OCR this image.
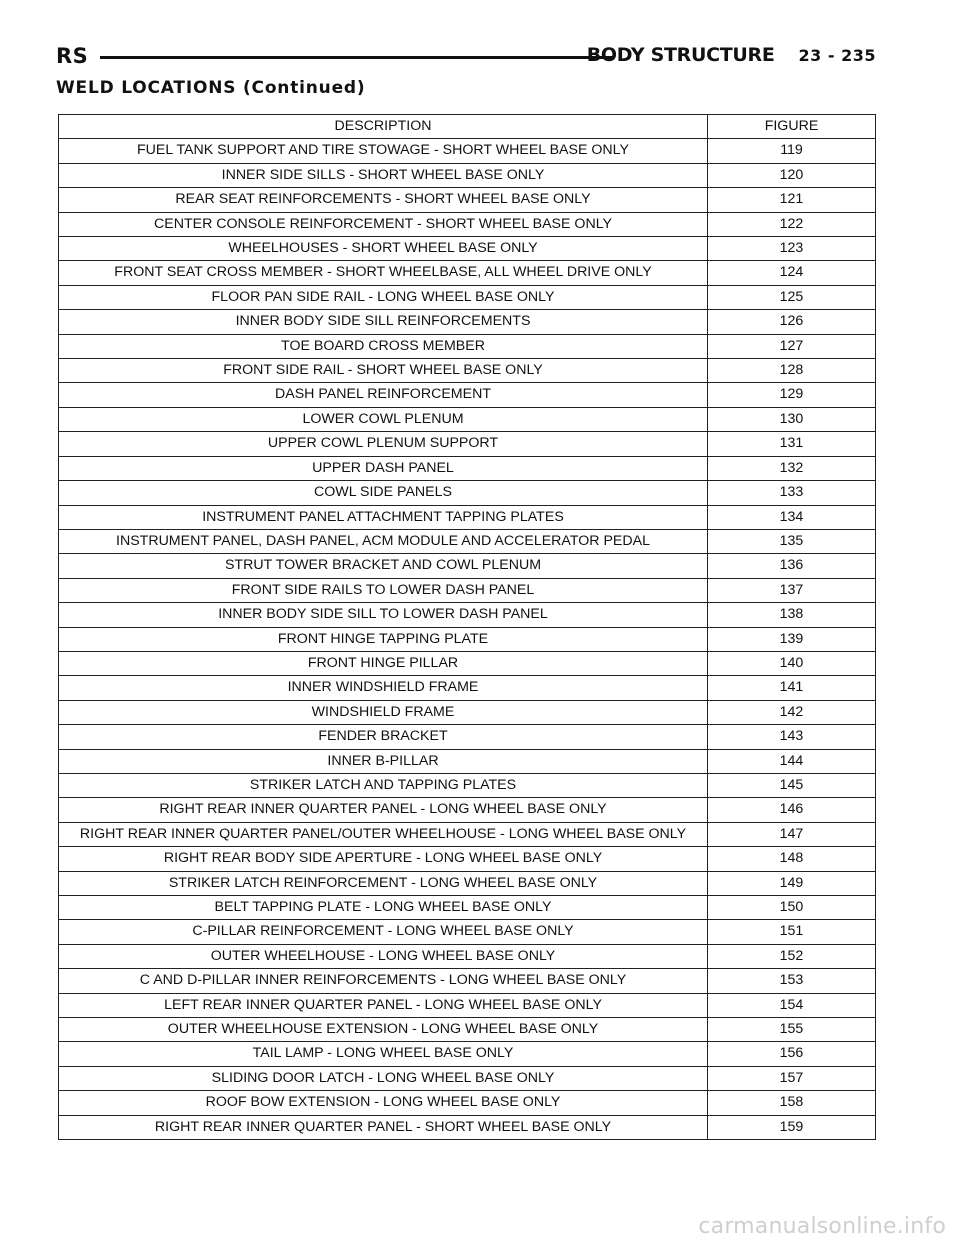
RS	BODY STRUCTURE 23 - 235
WELD LOCATIONS (Continued)
DESCRIPTION	FIGURE
FUEL TANK SUPPORT AND TIRE STOWAGE - SHORT WHEEL BASE ONLY	119
INNER SIDE SILLS - SHORT WHEEL BASE ONLY	120
REAR SEAT REINFORCEMENTS - SHORT WHEEL BASE ONLY	121
CENTER CONSOLE REINFORCEMENT - SHORT WHEEL BASE ONLY	122
WHEELHOUSES - SHORT WHEEL BASE ONLY	123
FRONT SEAT CROSS MEMBER - SHORT WHEELBASE, ALL WHEEL DRIVE ONLY	124
FLOOR PAN SIDE RAIL - LONG WHEEL BASE ONLY	125
INNER BODY SIDE SILL REINFORCEMENTS	126
TOE BOARD CROSS MEMBER	127
FRONT SIDE RAIL - SHORT WHEEL BASE ONLY	128
DASH PANEL REINFORCEMENT	129
LOWER COWL PLENUM	130
UPPER COWL PLENUM SUPPORT	131
UPPER DASH PANEL	132
COWL SIDE PANELS	133
INSTRUMENT PANEL ATTACHMENT TAPPING PLATES	134
INSTRUMENT PANEL, DASH PANEL, ACM MODULE AND ACCELERATOR PEDAL	135
STRUT TOWER BRACKET AND COWL PLENUM	136
FRONT SIDE RAILS TO LOWER DASH PANEL	137
INNER BODY SIDE SILL TO LOWER DASH PANEL	138
FRONT HINGE TAPPING PLATE	139
FRONT HINGE PILLAR	140
INNER WINDSHIELD FRAME	141
WINDSHIELD FRAME	142
FENDER BRACKET	143
INNER B-PILLAR	144
STRIKER LATCH AND TAPPING PLATES	145
RIGHT REAR INNER QUARTER PANEL - LONG WHEEL BASE ONLY	146
RIGHT REAR INNER QUARTER PANEL/OUTER WHEELHOUSE - LONG WHEEL BASE ONLY	147
RIGHT REAR BODY SIDE APERTURE - LONG WHEEL BASE ONLY	148
STRIKER LATCH REINFORCEMENT - LONG WHEEL BASE ONLY	149
BELT TAPPING PLATE - LONG WHEEL BASE ONLY	150
C-PILLAR REINFORCEMENT - LONG WHEEL BASE ONLY	151
OUTER WHEELHOUSE - LONG WHEEL BASE ONLY	152
C AND D-PILLAR INNER REINFORCEMENTS - LONG WHEEL BASE ONLY	153
LEFT REAR INNER QUARTER PANEL - LONG WHEEL BASE ONLY	154
OUTER WHEELHOUSE EXTENSION - LONG WHEEL BASE ONLY	155
TAIL LAMP - LONG WHEEL BASE ONLY	156
SLIDING DOOR LATCH - LONG WHEEL BASE ONLY	157
ROOF BOW EXTENSION - LONG WHEEL BASE ONLY	158
RIGHT REAR INNER QUARTER PANEL - SHORT WHEEL BASE ONLY	159
carmanualsonline.info
